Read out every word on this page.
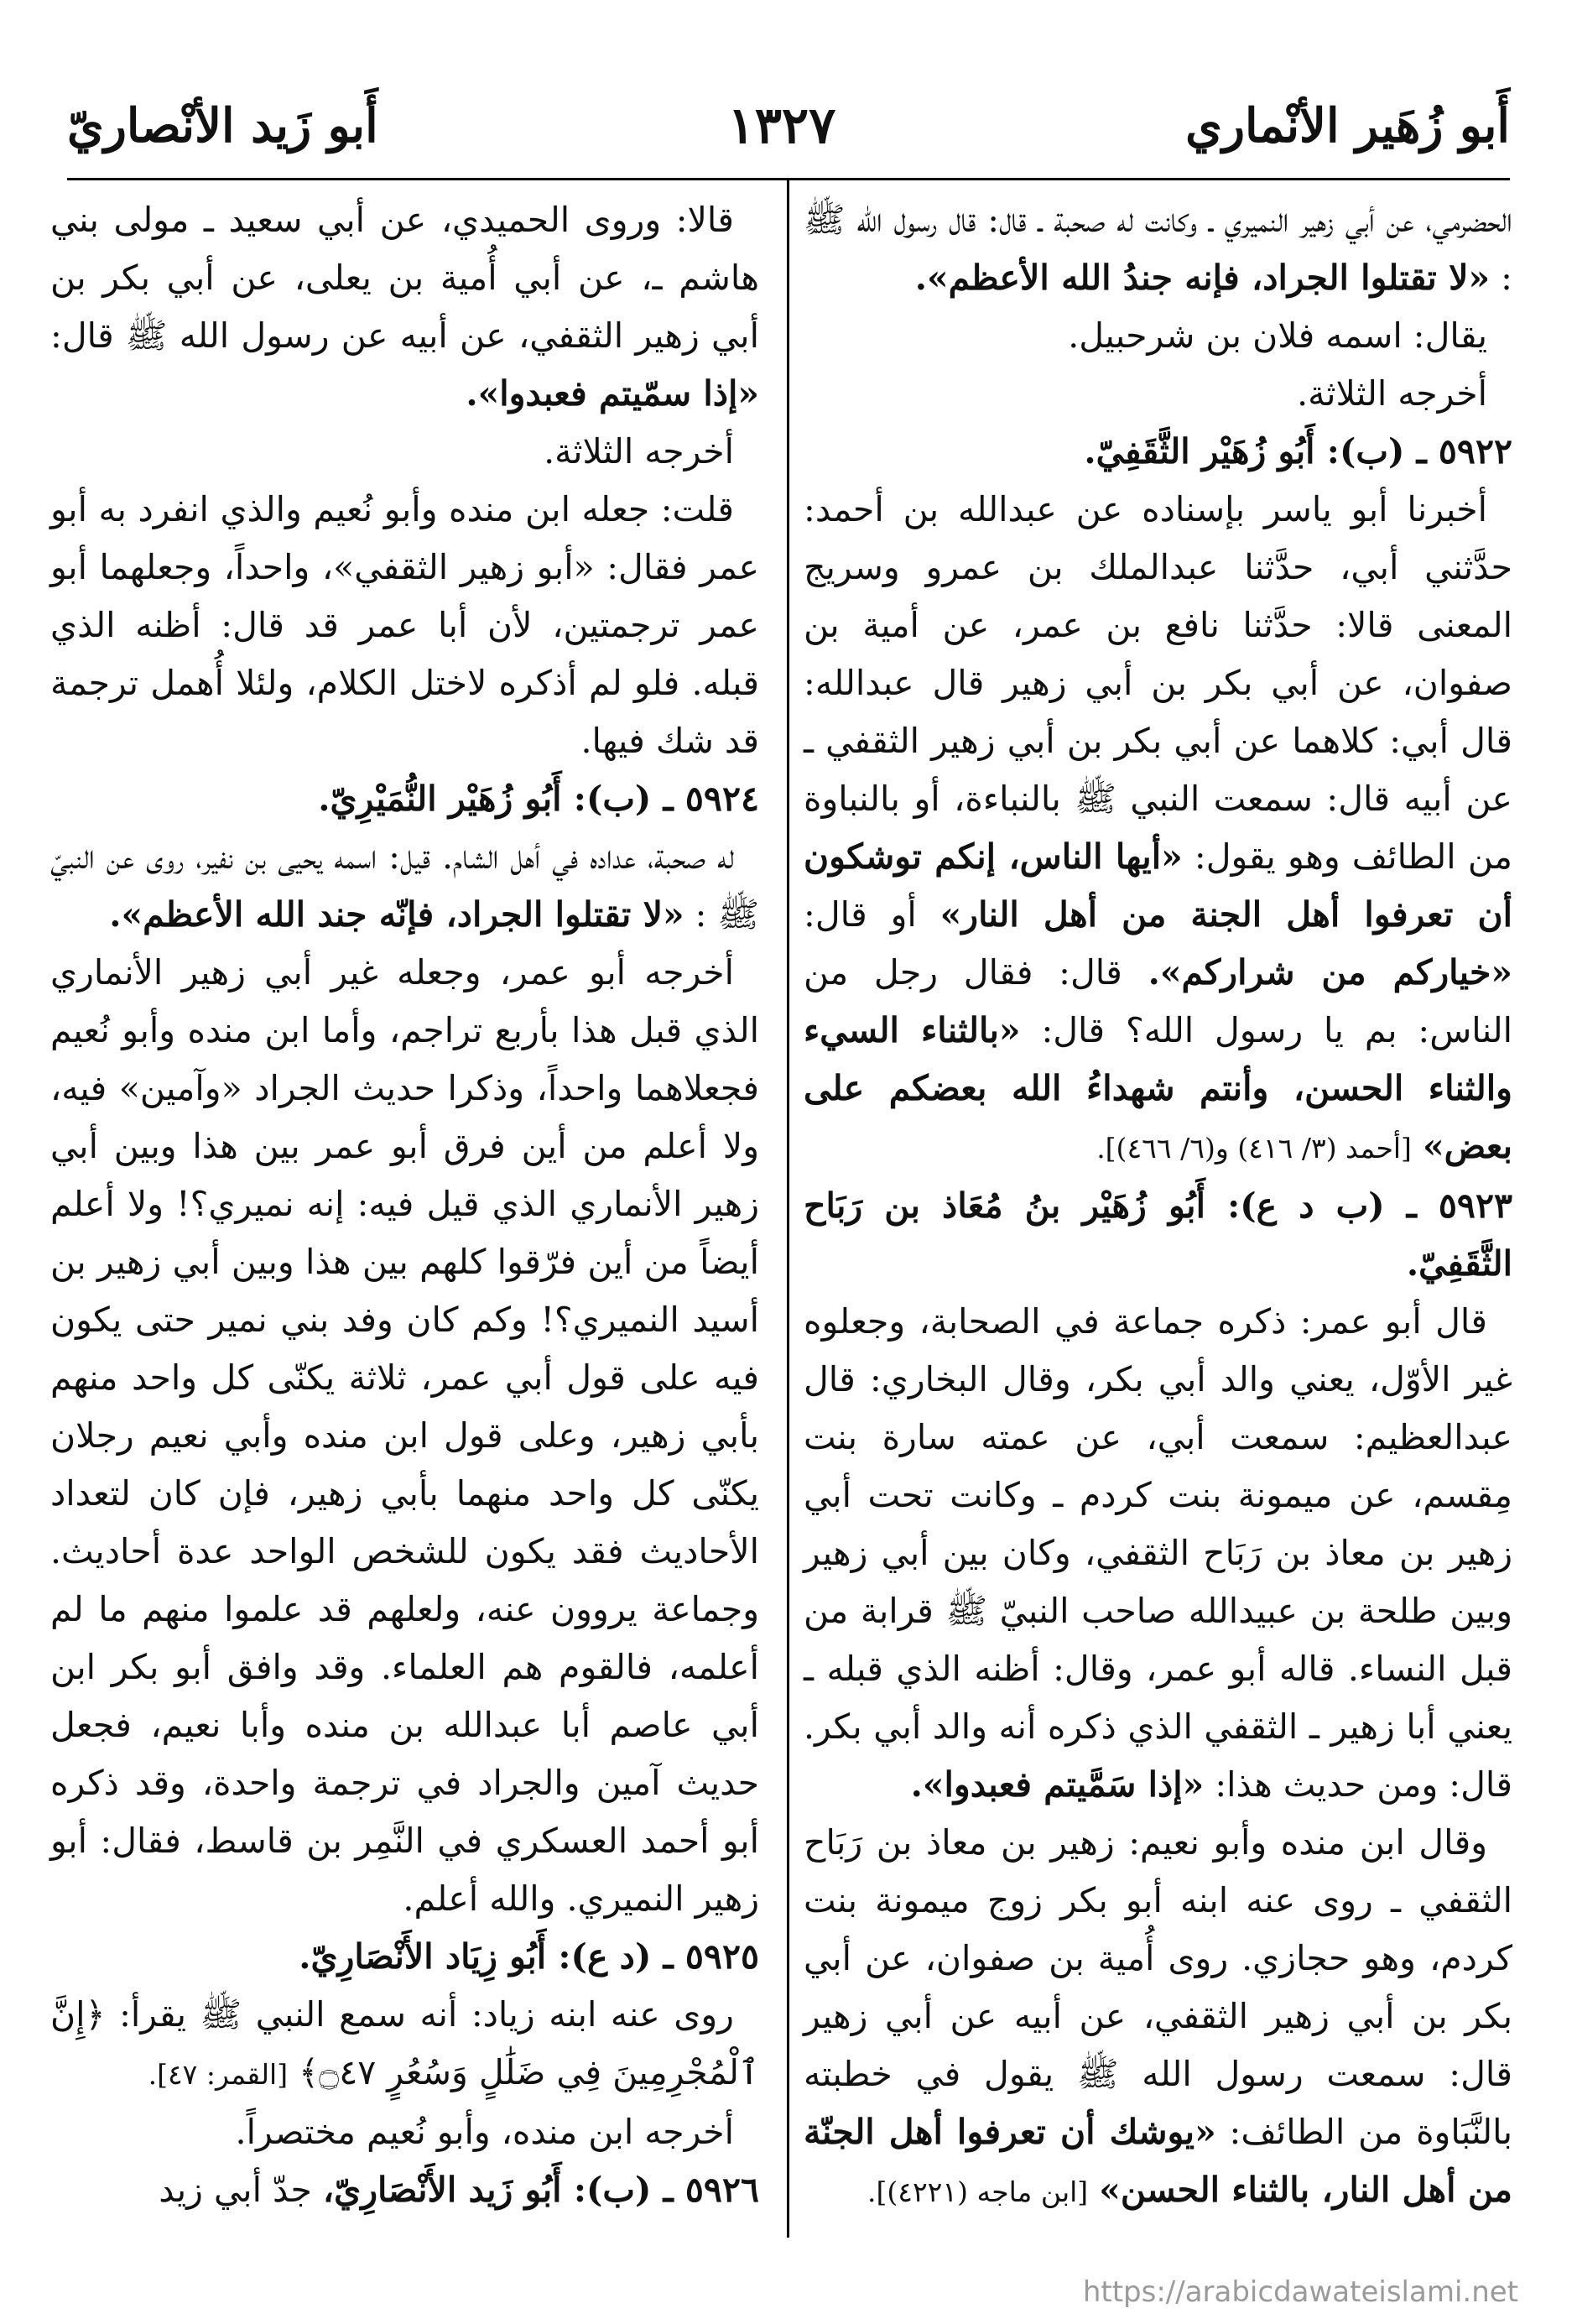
أَبو زُهَير الأنْماري
١٣٢٧
أَبو زَيد الأنْصاريّ

الحضرمي، عن أبي زهير النميري ـ وكانت له صحبة ـ قال: قال رسول الله ﷺ : «لا تقتلوا الجراد، فإنه جندُ الله الأعظم».

يقال: اسمه فلان بن شرحبيل.

أخرجه الثلاثة.

٥٩٢٢ ـ (ب): أَبُو زُهَيْر الثَّقَفِيّ.

أخبرنا أبو ياسر بإسناده عن عبدالله بن أحمد: حدَّثني أبي، حدَّثنا عبدالملك بن عمرو وسريج المعنى قالا: حدَّثنا نافع بن عمر، عن أمية بن صفوان، عن أبي بكر بن أبي زهير قال عبدالله: قال أبي: كلاهما عن أبي بكر بن أبي زهير الثقفي ـ عن أبيه قال: سمعت النبي ﷺ بالنباءة، أو بالنباوة من الطائف وهو يقول: «أيها الناس، إنكم توشكون أن تعرفوا أهل الجنة من أهل النار» أو قال: «خياركم من شراركم». قال: فقال رجل من الناس: بم يا رسول الله؟ قال: «بالثناء السيء والثناء الحسن، وأنتم شهداءُ الله بعضكم على بعض» [أحمد (٣/ ٤١٦) و(٦/ ٤٦٦)].

٥٩٢٣ ـ (ب د ع): أَبُو زُهَيْر بنُ مُعَاذ بن رَبَاح الثَّقَفِيّ.

قال أبو عمر: ذكره جماعة في الصحابة، وجعلوه غير الأوّل، يعني والد أبي بكر، وقال البخاري: قال عبدالعظيم: سمعت أبي، عن عمته سارة بنت مِقسم، عن ميمونة بنت كردم ـ وكانت تحت أبي زهير بن معاذ بن رَبَاح الثقفي، وكان بين أبي زهير وبين طلحة بن عبيدالله صاحب النبيّ ﷺ قرابة من قبل النساء. قاله أبو عمر، وقال: أظنه الذي قبله ـ يعني أبا زهير ـ الثقفي الذي ذكره أنه والد أبي بكر. قال: ومن حديث هذا: «إذا سَمَّيتم فعبدوا».

وقال ابن منده وأبو نعيم: زهير بن معاذ بن رَبَاح الثقفي ـ روى عنه ابنه أبو بكر زوج ميمونة بنت كردم، وهو حجازي. روى أُمية بن صفوان، عن أبي بكر بن أبي زهير الثقفي، عن أبيه عن أبي زهير قال: سمعت رسول الله ﷺ يقول في خطبته بالنَّبَاوة من الطائف: «يوشك أن تعرفوا أهل الجنّة من أهل النار، بالثناء الحسن» [ابن ماجه (٤٢٢١)].

قالا: وروى الحميدي، عن أبي سعيد ـ مولى بني هاشم ـ، عن أبي أُمية بن يعلى، عن أبي بكر بن أبي زهير الثقفي، عن أبيه عن رسول الله ﷺ قال: «إذا سمّيتم فعبدوا».

أخرجه الثلاثة.

قلت: جعله ابن منده وأبو نُعيم والذي انفرد به أبو عمر فقال: «أبو زهير الثقفي»، واحداً، وجعلهما أبو عمر ترجمتين، لأن أبا عمر قد قال: أظنه الذي قبله. فلو لم أذكره لاختل الكلام، ولئلا أُهمل ترجمة قد شك فيها.

٥٩٢٤ ـ (ب): أَبُو زُهَيْر النُّمَيْرِيّ.

له صحبة، عداده في أهل الشام. قيل: اسمه يحيى بن نفير، روى عن النبيّ ﷺ : «لا تقتلوا الجراد، فإنّه جند الله الأعظم».

أخرجه أبو عمر، وجعله غير أبي زهير الأنماري الذي قبل هذا بأربع تراجم، وأما ابن منده وأبو نُعيم فجعلاهما واحداً، وذكرا حديث الجراد «وآمين» فيه، ولا أعلم من أين فرق أبو عمر بين هذا وبين أبي زهير الأنماري الذي قيل فيه: إنه نميري؟! ولا أعلم أيضاً من أين فرّقوا كلهم بين هذا وبين أبي زهير بن أسيد النميري؟! وكم كان وفد بني نمير حتى يكون فيه على قول أبي عمر، ثلاثة يكنّى كل واحد منهم بأبي زهير، وعلى قول ابن منده وأبي نعيم رجلان يكنّى كل واحد منهما بأبي زهير، فإن كان لتعداد الأحاديث فقد يكون للشخص الواحد عدة أحاديث. وجماعة يروون عنه، ولعلهم قد علموا منهم ما لم أعلمه، فالقوم هم العلماء. وقد وافق أبو بكر ابن أبي عاصم أبا عبدالله بن منده وأبا نعيم، فجعل حديث آمين والجراد في ترجمة واحدة، وقد ذكره أبو أحمد العسكري في النَّمِر بن قاسط، فقال: أبو زهير النميري. والله أعلم.

٥٩٢٥ ـ (د ع): أَبُو زِيَاد الأَنْصَارِيّ.

روى عنه ابنه زياد: أنه سمع النبي ﷺ يقرأ: ﴿إِنَّ ٱلْمُجْرِمِينَ فِي ضَلَٰلٍ وَسُعُرٍ ۝٤٧﴾ [القمر: ٤٧].

أخرجه ابن منده، وأبو نُعيم مختصراً.

٥٩٢٦ ـ (ب): أَبُو زَيد الأَنْصَارِيّ، جدّ أبي زيد

https://arabicdawateislami.net
